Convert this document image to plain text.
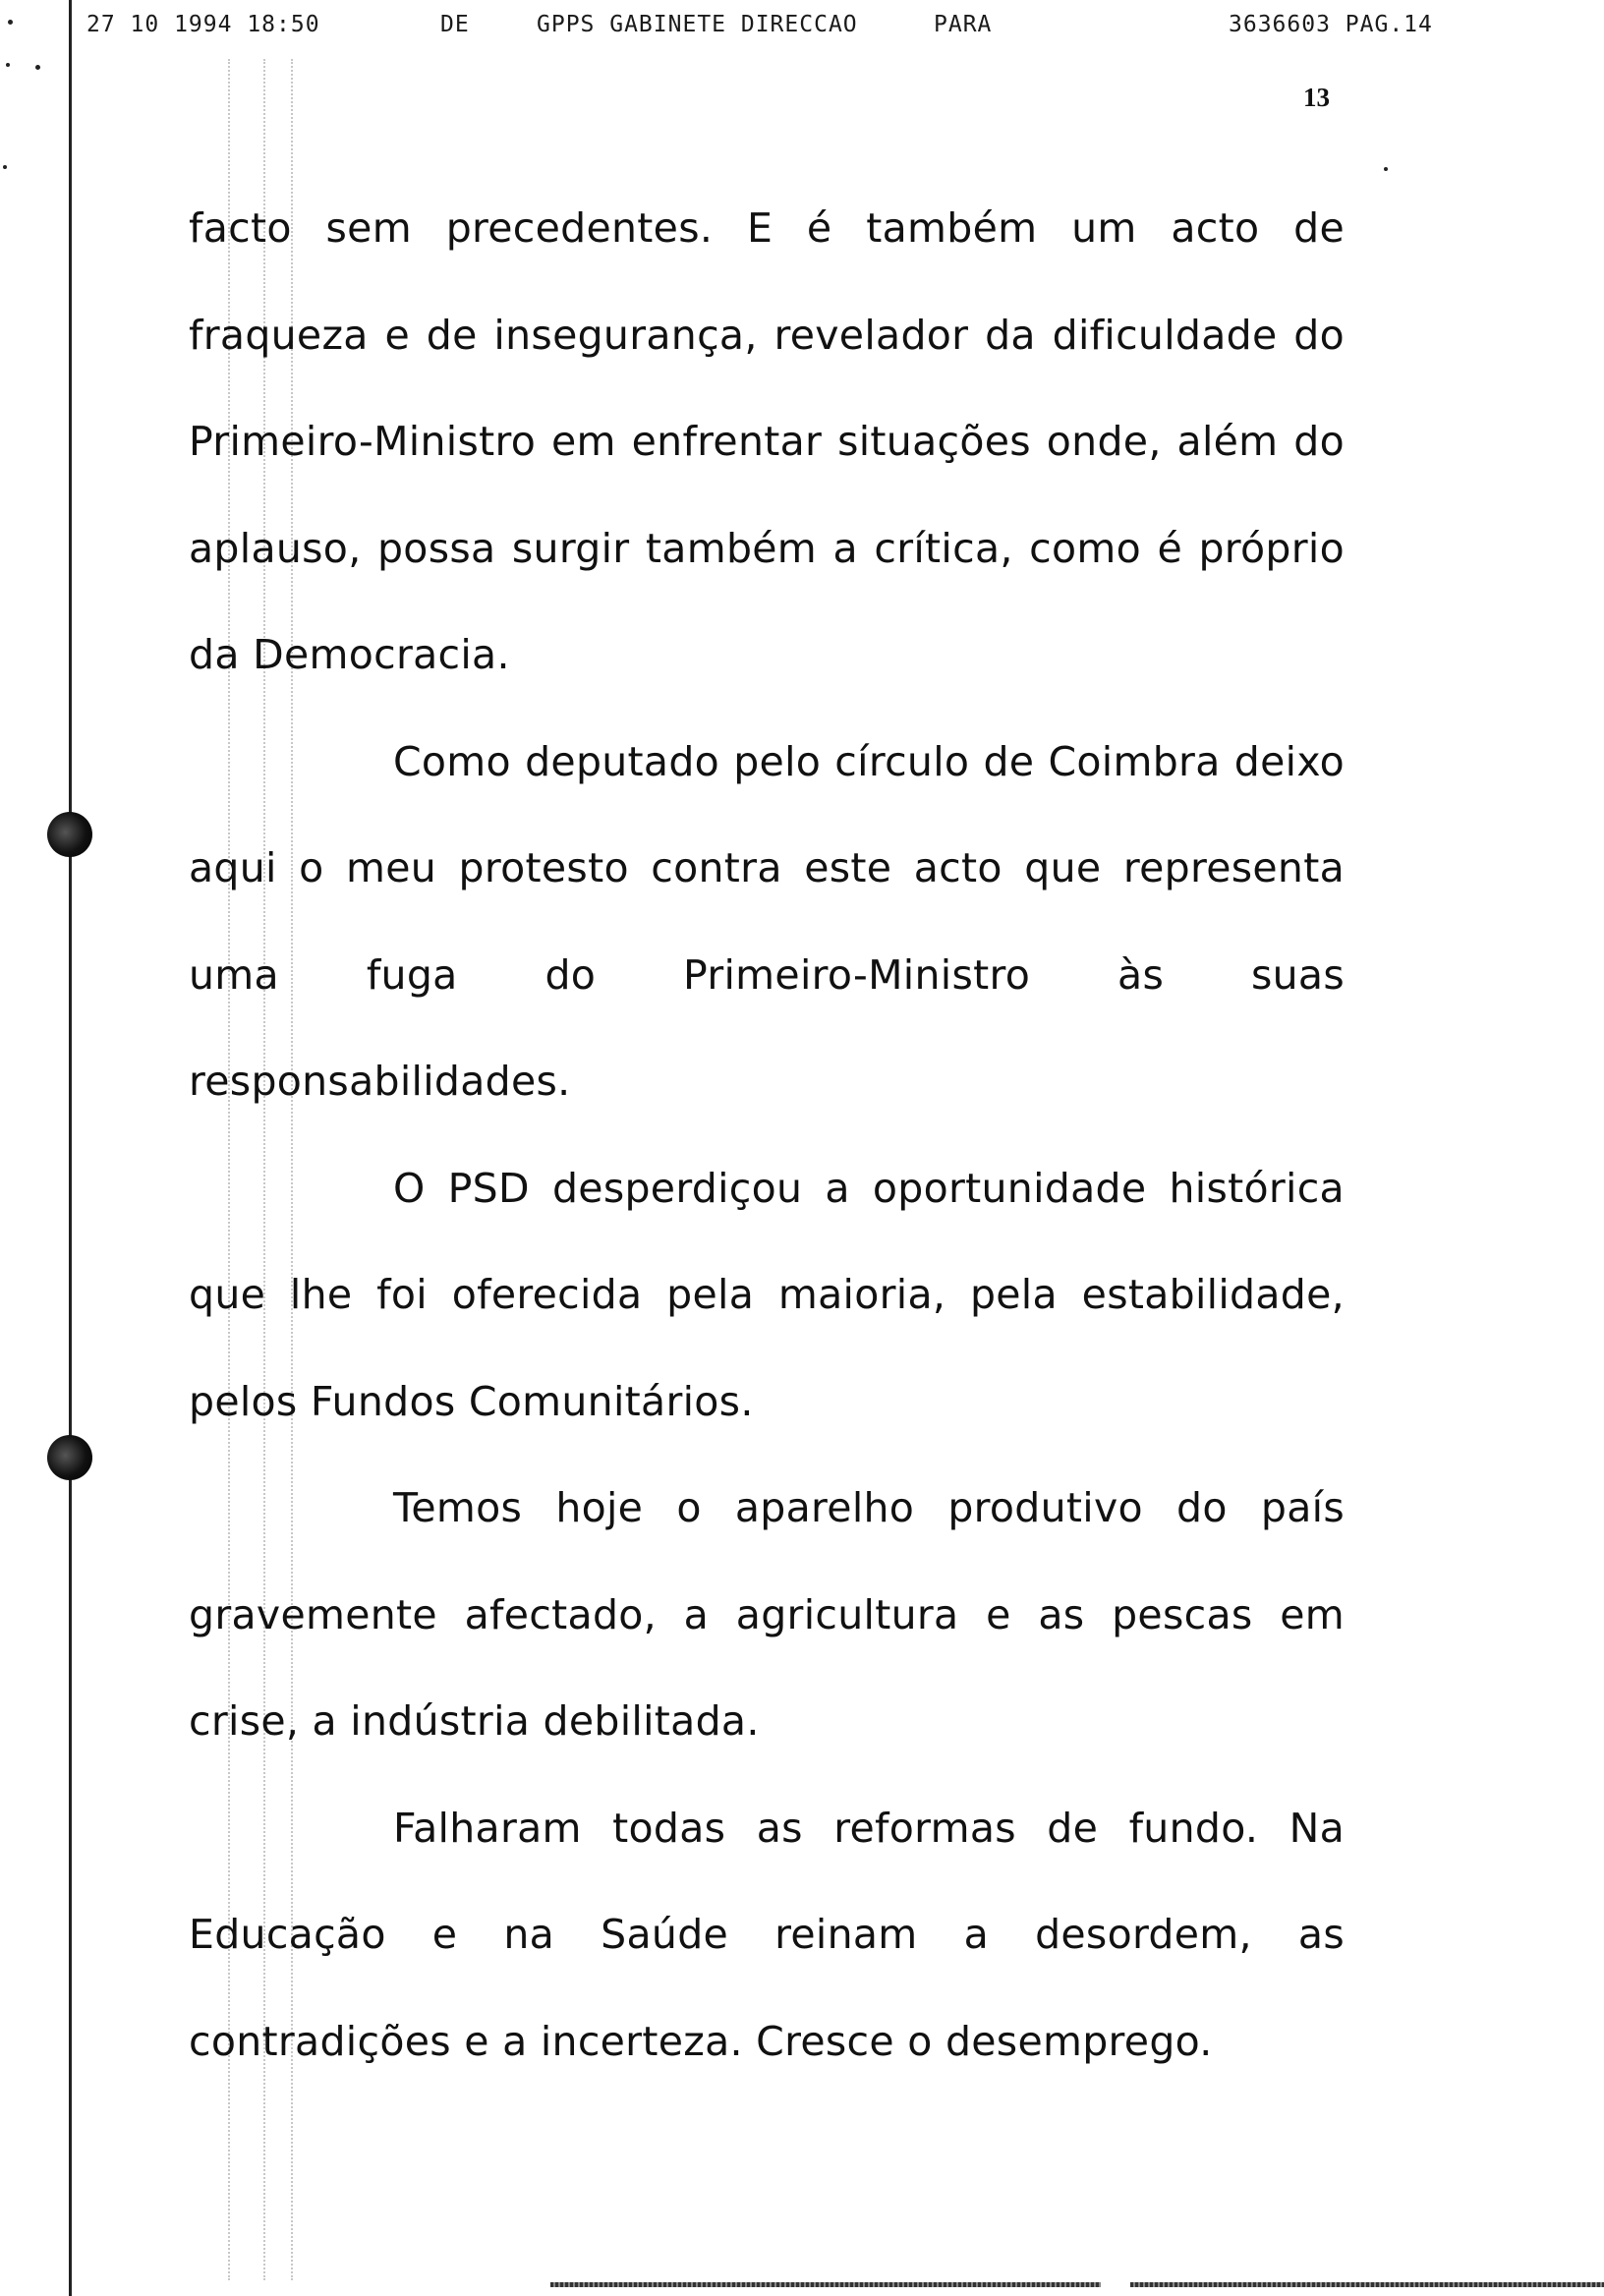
27 10 1994 18:50	DE	GPPS GABINETE DIRECCAO	PARA	3636603 PAG.14
13

facto sem precedentes. E é também um acto de fraqueza e de insegurança, revelador da dificuldade do Primeiro-Ministro em enfrentar situações onde, além do aplauso, possa surgir também a crítica, como é próprio da Democracia.

Como deputado pelo círculo de Coimbra deixo aqui o meu protesto contra este acto que representa uma fuga do Primeiro-Ministro às suas responsabilidades.

O PSD desperdiçou a oportunidade histórica que lhe foi oferecida pela maioria, pela estabilidade, pelos Fundos Comunitários.

Temos hoje o aparelho produtivo do país gravemente afectado, a agricultura e as pescas em crise, a indústria debilitada.

Falharam todas as reformas de fundo. Na Educação e na Saúde reinam a desordem, as contradições e a incerteza. Cresce o desemprego.
